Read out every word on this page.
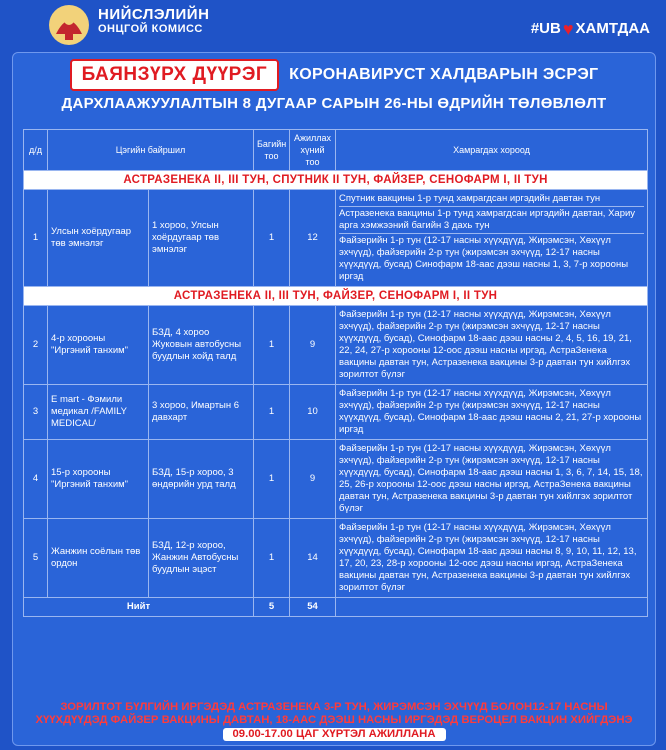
НИЙСЛЭЛИЙН
ОНЦГОЙ КОМИСС	#UB ♥ ХАМТДАА
БАЯНЗҮРХ ДҮҮРЭГ	КОРОНАВИРУСТ ХАЛДВАРЫН ЭСРЭГ
ДАРХЛААЖУУЛАЛТЫН 8 ДУГААР САРЫН 26-НЫ ӨДРИЙН ТӨЛӨВЛӨЛТ
д/д	Цэгийн байршил		Багийн тоо	Ажиллах хүний тоо	Хамрагдах хороод
АСТРАЗЕНЕКА II, III ТУН, СПУТНИК II ТУН, ФАЙЗЕР, СЕНОФАРМ I, II ТУН					
1	Улсын хоёрдугаар төв эмнэлэг	1 хороо, Улсын хоёрдугаар төв эмнэлэг	1	12	Спутник вакцины 1-р тунд хамрагдсан иргэдийн давтан тун
Астразенека вакцины 1-р тунд хамрагдсан иргэдийн давтан, Хариу арга хэмжээний багийн 3 дахь тун
Файзерийн 1-р тун (12-17 насны хүүхдүүд, Жирэмсэн, Хөхүүл эхчүүд), файзерийн 2-р тун (жирэмсэн эхчүүд, 12-17 насны хүүхдүүд, бусад) Синофарм 18-аас дээш насны 1, 3, 7-р хорооны иргэд

АСТРАЗЕНЕКА II, III ТУН, ФАЙЗЕР, СЕНОФАРМ I, II ТУН					
2	4-р хорооны "Иргэний танхим"	БЗД, 4 хороо Жуковын автобусны буудлын хойд талд	1	9	Файзерийн 1-р тун (12-17 насны хүүхдүүд, Жирэмсэн, Хөхүүл эхчүүд), файзерийн 2-р тун (жирэмсэн эхчүүд, 12-17 насны хүүхдүүд, бусад), Синофарм 18-аас дээш насны 2, 4, 5, 16, 19, 21, 22, 24, 27-р хорооны 12-оос дээш насны иргэд, АстраЗенека вакцины давтан тун, Астразенека вакцины 3-р давтан тун хийлгэх зорилтот бүлэг

3	E mart - Фэмили медикал /FAMILY MEDICAL/	3 хороо, Имартын 6 давхарт	1	10	Файзерийн 1-р тун (12-17 насны хүүхдүүд, Жирэмсэн, Хөхүүл эхчүүд), файзерийн 2-р тун (жирэмсэн эхчүүд, 12-17 насны хүүхдүүд, бусад), Синофарм 18-аас дээш насны 2, 21, 27-р хорооны иргэд

4	15-р хорооны "Иргэний танхим"	БЗД, 15-р хороо, 3 өндөрийн урд талд	1	9	Файзерийн 1-р тун (12-17 насны хүүхдүүд, Жирэмсэн, Хөхүүл эхчүүд), файзерийн 2-р тун (жирэмсэн эхчүүд, 12-17 насны хүүхдүүд, бусад), Синофарм 18-аас дээш насны 1, 3, 6, 7, 14, 15, 18, 25, 26-р хорооны 12-оос дээш насны иргэд, АстраЗенека вакцины давтан тун, Астразенека вакцины 3-р давтан тун хийлгэх зорилтот бүлэг

5	Жанжин соёлын төв ордон	БЗД, 12-р хороо, Жанжин Автобусны буудлын эцэст	1	14	Файзерийн 1-р тун (12-17 насны хүүхдүүд, Жирэмсэн, Хөхүүл эхчүүд), файзерийн 2-р тун (жирэмсэн эхчүүд, 12-17 насны хүүхдүүд, бусад), Синофарм 18-аас дээш насны 8, 9, 10, 11, 12, 13, 17, 20, 23, 28-р хорооны 12-оос дээш насны иргэд, АстраЗенека вакцины давтан тун, Астразенека вакцины 3-р давтан тун хийлгэх зорилтот бүлэг

Нийт			5	54	
ЗОРИЛТОТ БҮЛГИЙН ИРГЭДЭД АСТРАЗЕНЕКА 3-Р ТУН, ЖИРЭМСЭН ЭХЧҮҮД БОЛОН12-17 НАСНЫ
ХҮҮХДҮҮДЭД ФАЙЗЕР ВАКЦИНЫ ДАВТАН, 18-ААС ДЭЭШ НАСНЫ ИРГЭДЭД ВЕРОЦЕЛ ВАКЦИН ХИЙГДЭНЭ
09.00-17.00 ЦАГ ХҮРТЭЛ АЖИЛЛАНА
